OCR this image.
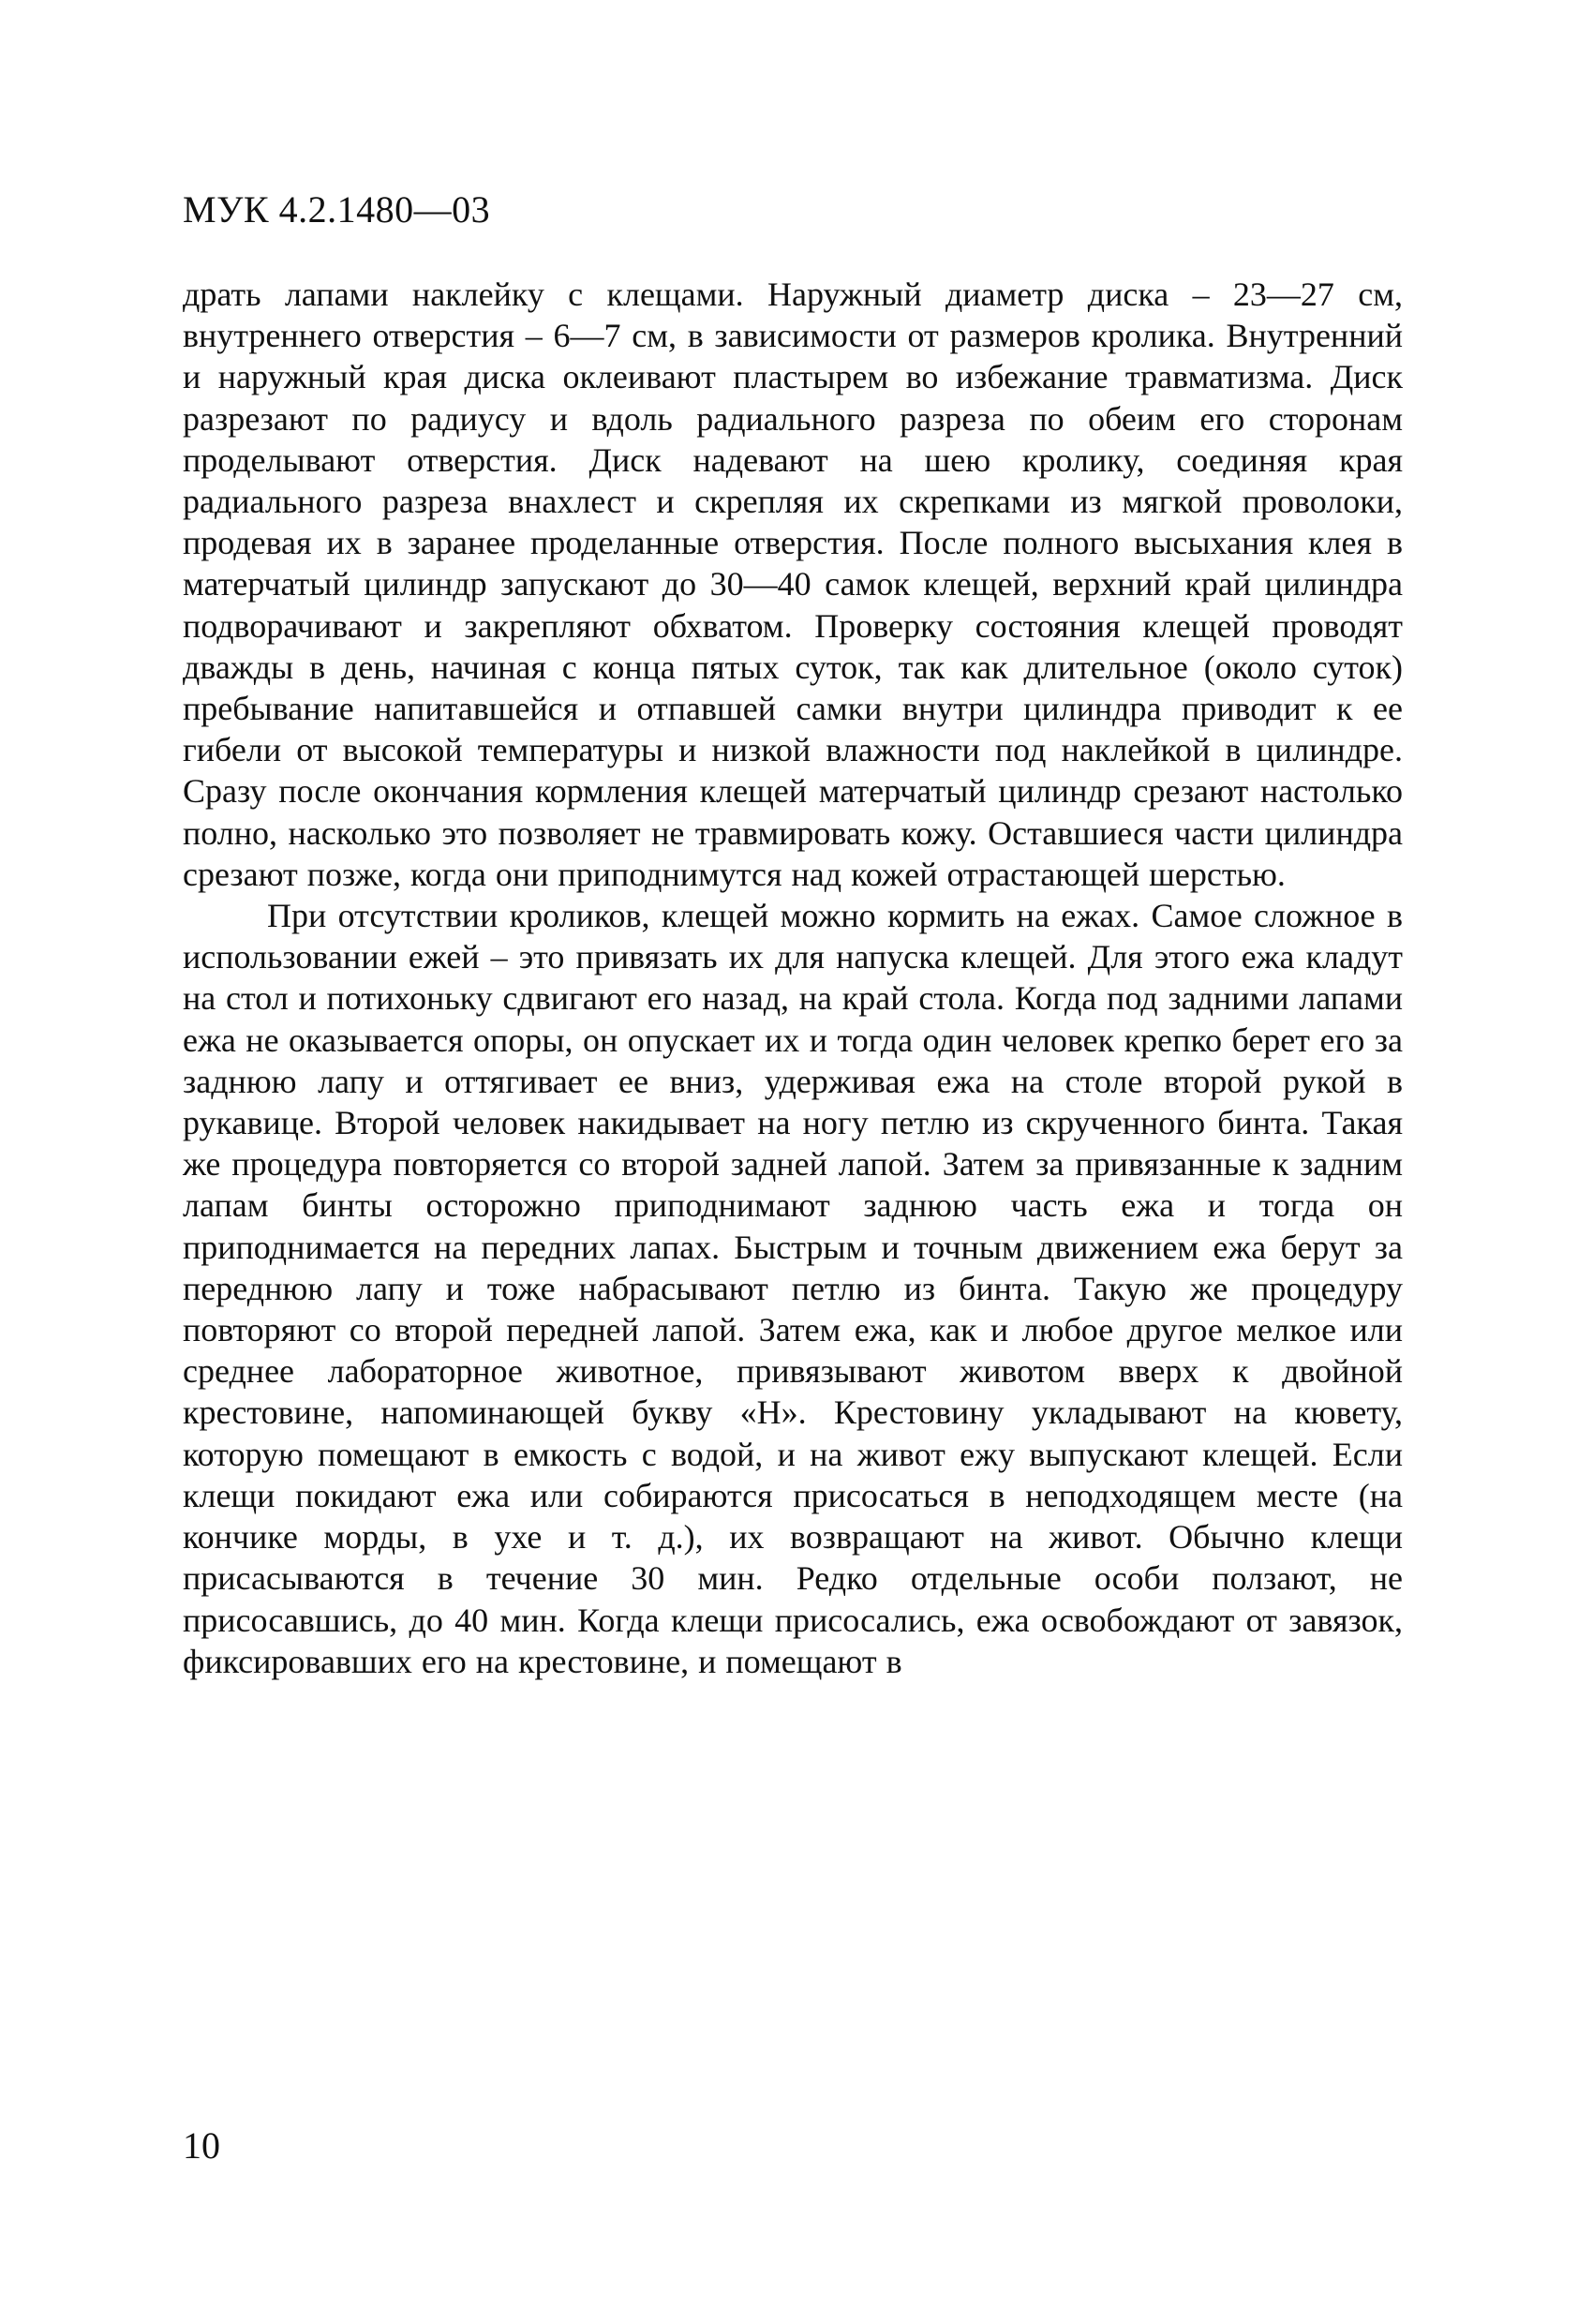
МУК 4.2.1480—03

драть лапами наклейку с клещами. Наружный диаметр диска – 23—27 см, внутреннего отверстия – 6—7 см, в зависимости от размеров кролика. Внутренний и наружный края диска оклеивают пластырем во избежание травматизма. Диск разрезают по радиусу и вдоль радиального разреза по обеим его сторонам проделывают отверстия. Диск надевают на шею кролику, соединяя края радиального разреза внахлест и скрепляя их скрепками из мягкой проволоки, продевая их в заранее проделанные отверстия. После полного высыхания клея в матерчатый цилиндр запускают до 30—40 самок клещей, верхний край цилиндра подворачивают и закрепляют обхватом. Проверку состояния клещей проводят дважды в день, начиная с конца пятых суток, так как длительное (около суток) пребывание напитавшейся и отпавшей самки внутри цилиндра приводит к ее гибели от высокой температуры и низкой влажности под наклейкой в цилиндре. Сразу после окончания кормления клещей матерчатый цилиндр срезают настолько полно, насколько это позволяет не травмировать кожу. Оставшиеся части цилиндра срезают позже, когда они приподнимутся над кожей отрастающей шерстью.

При отсутствии кроликов, клещей можно кормить на ежах. Самое сложное в использовании ежей – это привязать их для напуска клещей. Для этого ежа кладут на стол и потихоньку сдвигают его назад, на край стола. Когда под задними лапами ежа не оказывается опоры, он опускает их и тогда один человек крепко берет его за заднюю лапу и оттягивает ее вниз, удерживая ежа на столе второй рукой в рукавице. Второй человек накидывает на ногу петлю из скрученного бинта. Такая же процедура повторяется со второй задней лапой. Затем за привязанные к задним лапам бинты осторожно приподнимают заднюю часть ежа и тогда он приподнимается на передних лапах. Быстрым и точным движением ежа берут за переднюю лапу и тоже набрасывают петлю из бинта. Такую же процедуру повторяют со второй передней лапой. Затем ежа, как и любое другое мелкое или среднее лабораторное животное, привязывают животом вверх к двойной крестовине, напоминающей букву «Н». Крестовину укладывают на кювету, которую помещают в емкость с водой, и на живот ежу выпускают клещей. Если клещи покидают ежа или собираются присосаться в неподходящем месте (на кончике морды, в ухе и т. д.), их возвращают на живот. Обычно клещи присасываются в течение 30 мин. Редко отдельные особи ползают, не присосавшись, до 40 мин. Когда клещи присосались, ежа освобождают от завязок, фиксировавших его на крестовине, и помещают в

10
